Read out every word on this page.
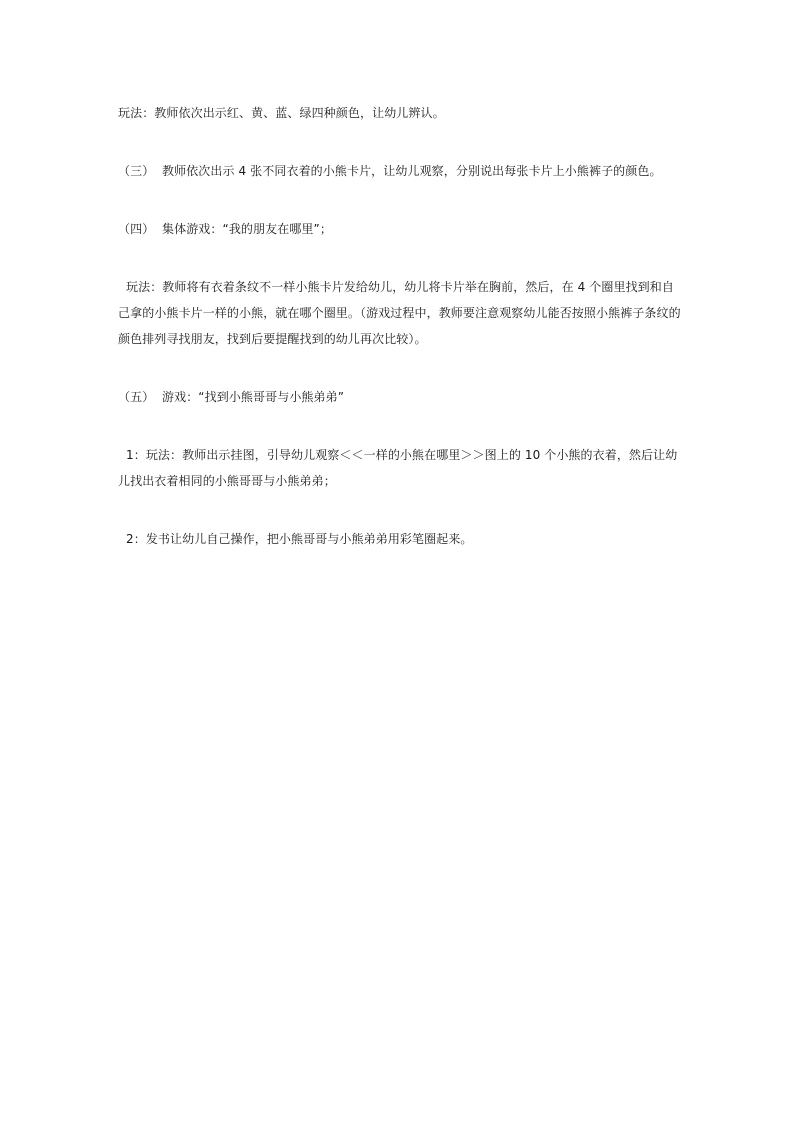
玩法：教师依次出示红、黄、蓝、绿四种颜色，让幼儿辨认。

（三） 教师依次出示 4 张不同衣着的小熊卡片，让幼儿观察，分别说出每张卡片上小熊裤子的颜色。

（四） 集体游戏：“我的朋友在哪里”；

玩法：教师将有衣着条纹不一样小熊卡片发给幼儿，幼儿将卡片举在胸前，然后，在 4 个圈里找到和自己拿的小熊卡片一样的小熊，就在哪个圈里。（游戏过程中，教师要注意观察幼儿能否按照小熊裤子条纹的颜色排列寻找朋友，找到后要提醒找到的幼儿再次比较）。

（五） 游戏：“找到小熊哥哥与小熊弟弟”

1：玩法：教师出示挂图，引导幼儿观察＜＜一样的小熊在哪里＞＞图上的 10 个小熊的衣着，然后让幼儿找出衣着相同的小熊哥哥与小熊弟弟；

2：发书让幼儿自己操作，把小熊哥哥与小熊弟弟用彩笔圈起来。
